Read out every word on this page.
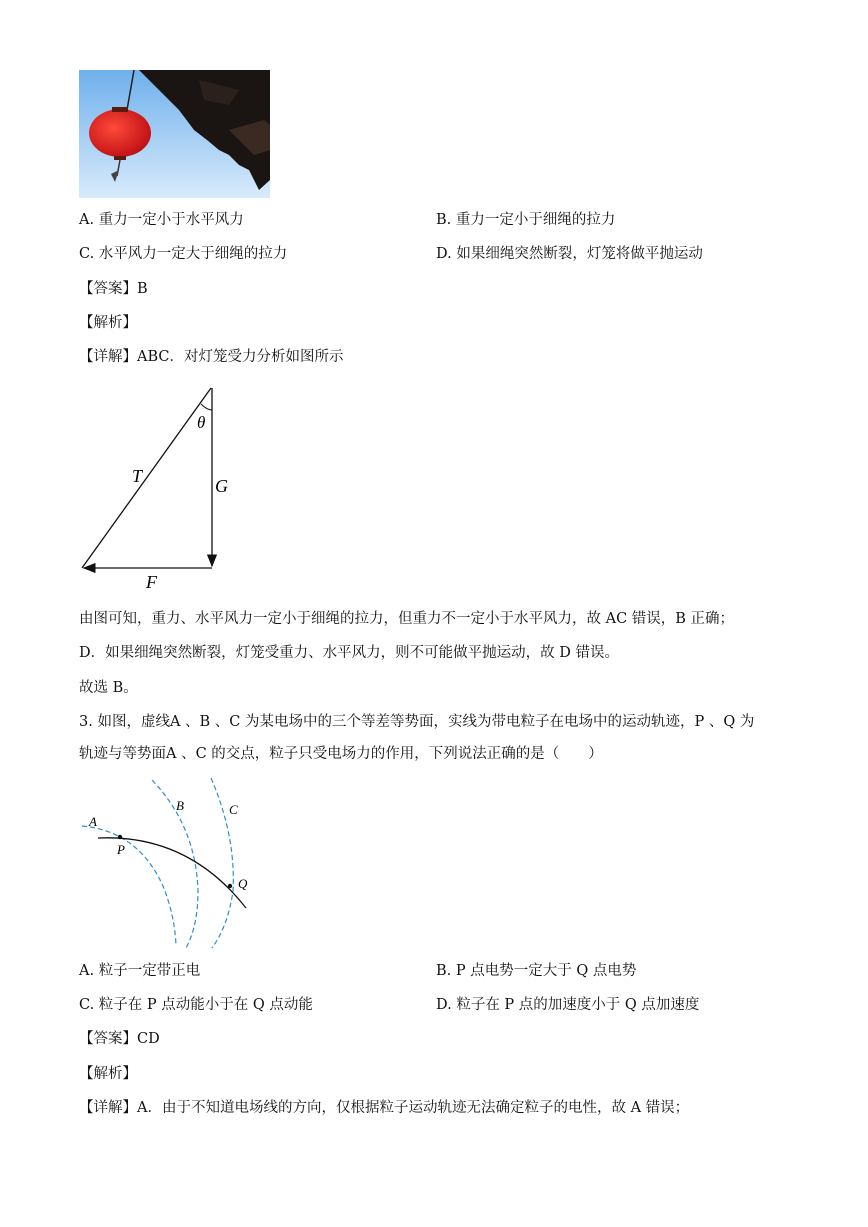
A. 重力一定小于水平风力	B. 重力一定小于细绳的拉力
C. 水平风力一定大于细绳的拉力	D. 如果细绳突然断裂，灯笼将做平抛运动
【答案】B
【解析】
【详解】ABC．对灯笼受力分析如图所示
θ
T	G
F
由图可知，重力、水平风力一定小于细绳的拉力，但重力不一定小于水平风力，故 AC 错误，B 正确；
D．如果细绳突然断裂，灯笼受重力、水平风力，则不可能做平抛运动，故 D 错误。
故选 B。
3. 如图，虚线A 、B 、C 为某电场中的三个等差等势面，实线为带电粒子在电场中的运动轨迹，P 、Q 为
轨迹与等势面A 、C 的交点，粒子只受电场力的作用，下列说法正确的是（　　）
A
B	C
P
Q
A. 粒子一定带正电	B. P 点电势一定大于 Q 点电势
C. 粒子在 P 点动能小于在 Q 点动能	D. 粒子在 P 点的加速度小于 Q 点加速度
【答案】CD
【解析】
【详解】A．由于不知道电场线的方向，仅根据粒子运动轨迹无法确定粒子的电性，故 A 错误；
